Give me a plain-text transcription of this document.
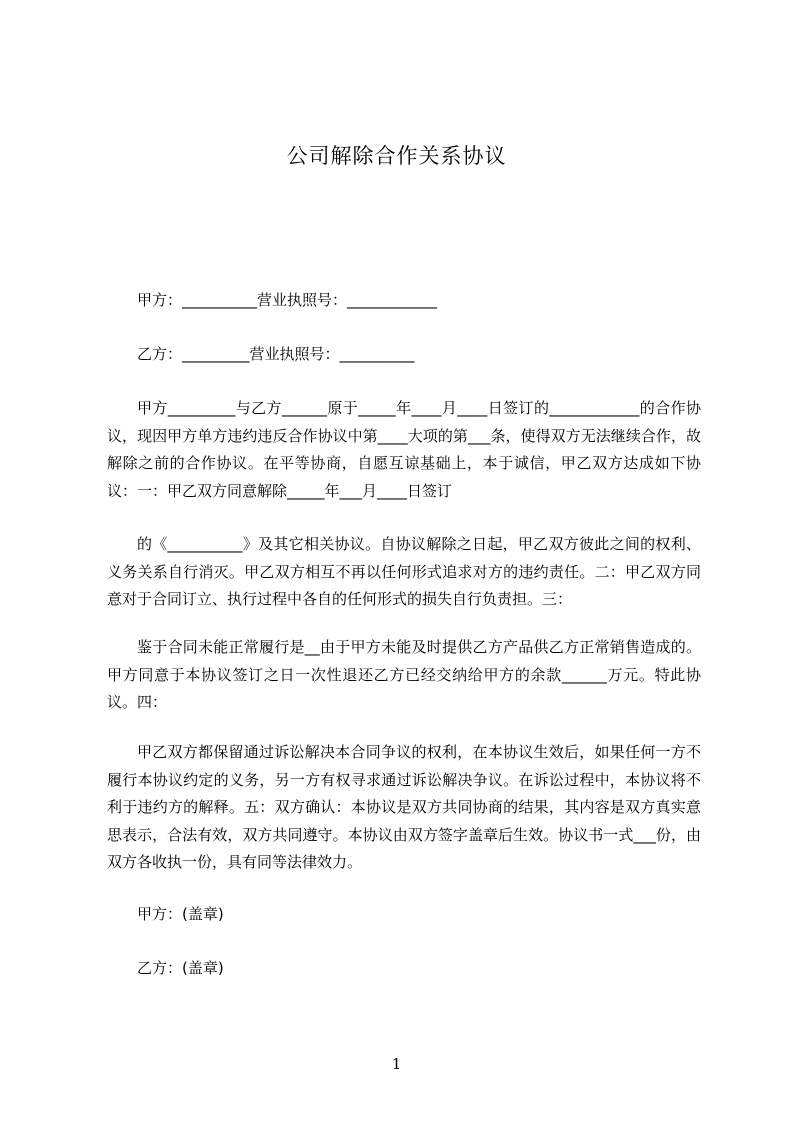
公司解除合作关系协议

甲方：__________营业执照号：____________

乙方：_________营业执照号：__________

甲方_________与乙方______原于_____年____月____日签订的____________的合作协议，现因甲方单方违约违反合作协议中第____大项的第___条，使得双方无法继续合作，故解除之前的合作协议。在平等协商，自愿互谅基础上，本于诚信，甲乙双方达成如下协议：一：甲乙双方同意解除_____年___月____日签订

的《__________》及其它相关协议。自协议解除之日起，甲乙双方彼此之间的权利、义务关系自行消灭。甲乙双方相互不再以任何形式追求对方的违约责任。二：甲乙双方同意对于合同订立、执行过程中各自的任何形式的损失自行负责担。三：

鉴于合同未能正常履行是__由于甲方未能及时提供乙方产品供乙方正常销售造成的。甲方同意于本协议签订之日一次性退还乙方已经交纳给甲方的余款______万元。特此协议。四：

甲乙双方都保留通过诉讼解决本合同争议的权利，在本协议生效后，如果任何一方不履行本协议约定的义务，另一方有权寻求通过诉讼解决争议。在诉讼过程中，本协议将不利于违约方的解释。五：双方确认：本协议是双方共同协商的结果，其内容是双方真实意思表示，合法有效，双方共同遵守。本协议由双方签字盖章后生效。协议书一式___份，由双方各收执一份，具有同等法律效力。

甲方：(盖章)

乙方：(盖章)

1
